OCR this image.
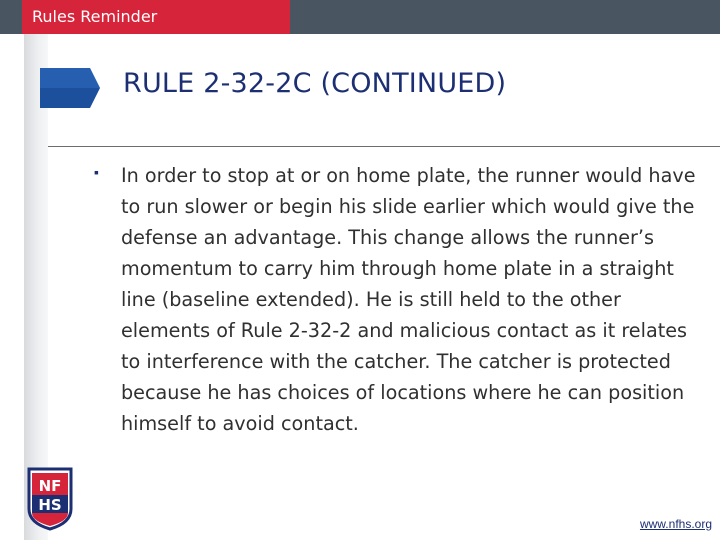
Rules Reminder
RULE 2-32-2C (CONTINUED)
▪	In order to stop at or on home plate, the runner would have to run slower or begin his slide earlier which would give the defense an advantage. This change allows the runner’s momentum to carry him through home plate in a straight line (baseline extended). He is still held to the other elements of Rule 2-32-2 and malicious contact as it relates to interference with the catcher. The catcher is protected because he has choices of locations where he can position himself to avoid contact.
NF
HS
www.nfhs.org
